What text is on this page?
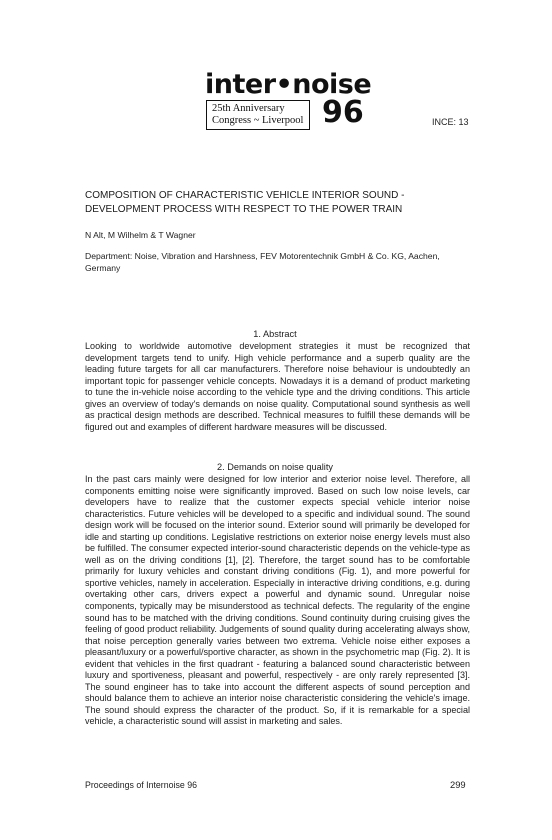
inter•noise
25th Anniversary
Congress ~ Liverpool 96	INCE: 13
COMPOSITION OF CHARACTERISTIC VEHICLE INTERIOR SOUND -
DEVELOPMENT PROCESS WITH RESPECT TO THE POWER TRAIN
N Alt, M Wilhelm & T Wagner
Department: Noise, Vibration and Harshness, FEV Motorentechnik GmbH & Co. KG, Aachen, Germany
1. Abstract
Looking to worldwide automotive development strategies it must be recognized that development targets tend to unify. High vehicle performance and a superb quality are the leading future targets for all car manufacturers. Therefore noise behaviour is undoubtedly an important topic for passenger vehicle concepts. Nowadays it is a demand of product marketing to tune the in-vehicle noise according to the vehicle type and the driving conditions. This article gives an overview of today's demands on noise quality. Computational sound synthesis as well as practical design methods are described. Technical measures to fulfill these demands will be figured out and examples of different hardware measures will be discussed.
2. Demands on noise quality
In the past cars mainly were designed for low interior and exterior noise level. Therefore, all components emitting noise were significantly improved. Based on such low noise levels, car developers have to realize that the customer expects special vehicle interior noise characteristics. Future vehicles will be developed to a specific and individual sound. The sound design work will be focused on the interior sound. Exterior sound will primarily be developed for idle and starting up conditions. Legislative restrictions on exterior noise energy levels must also be fulfilled. The consumer expected interior-sound characteristic depends on the vehicle-type as well as on the driving conditions [1], [2]. Therefore, the target sound has to be comfortable primarily for luxury vehicles and constant driving conditions (Fig. 1), and more powerful for sportive vehicles, namely in acceleration. Especially in interactive driving conditions, e.g. during overtaking other cars, drivers expect a powerful and dynamic sound. Unregular noise components, typically may be misunderstood as technical defects. The regularity of the engine sound has to be matched with the driving conditions. Sound continuity during cruising gives the feeling of good product reliability. Judgements of sound quality during accelerating always show, that noise perception generally varies between two extrema. Vehicle noise either exposes a pleasant/luxury or a powerful/sportive character, as shown in the psychometric map (Fig. 2). It is evident that vehicles in the first quadrant - featuring a balanced sound characteristic between luxury and sportiveness, pleasant and powerful, respectively - are only rarely represented [3]. The sound engineer has to take into account the different aspects of sound perception and should balance them to achieve an interior noise characteristic considering the vehicle's image. The sound should express the character of the product. So, if it is remarkable for a special vehicle, a characteristic sound will assist in marketing and sales.
Proceedings of Internoise 96	299
